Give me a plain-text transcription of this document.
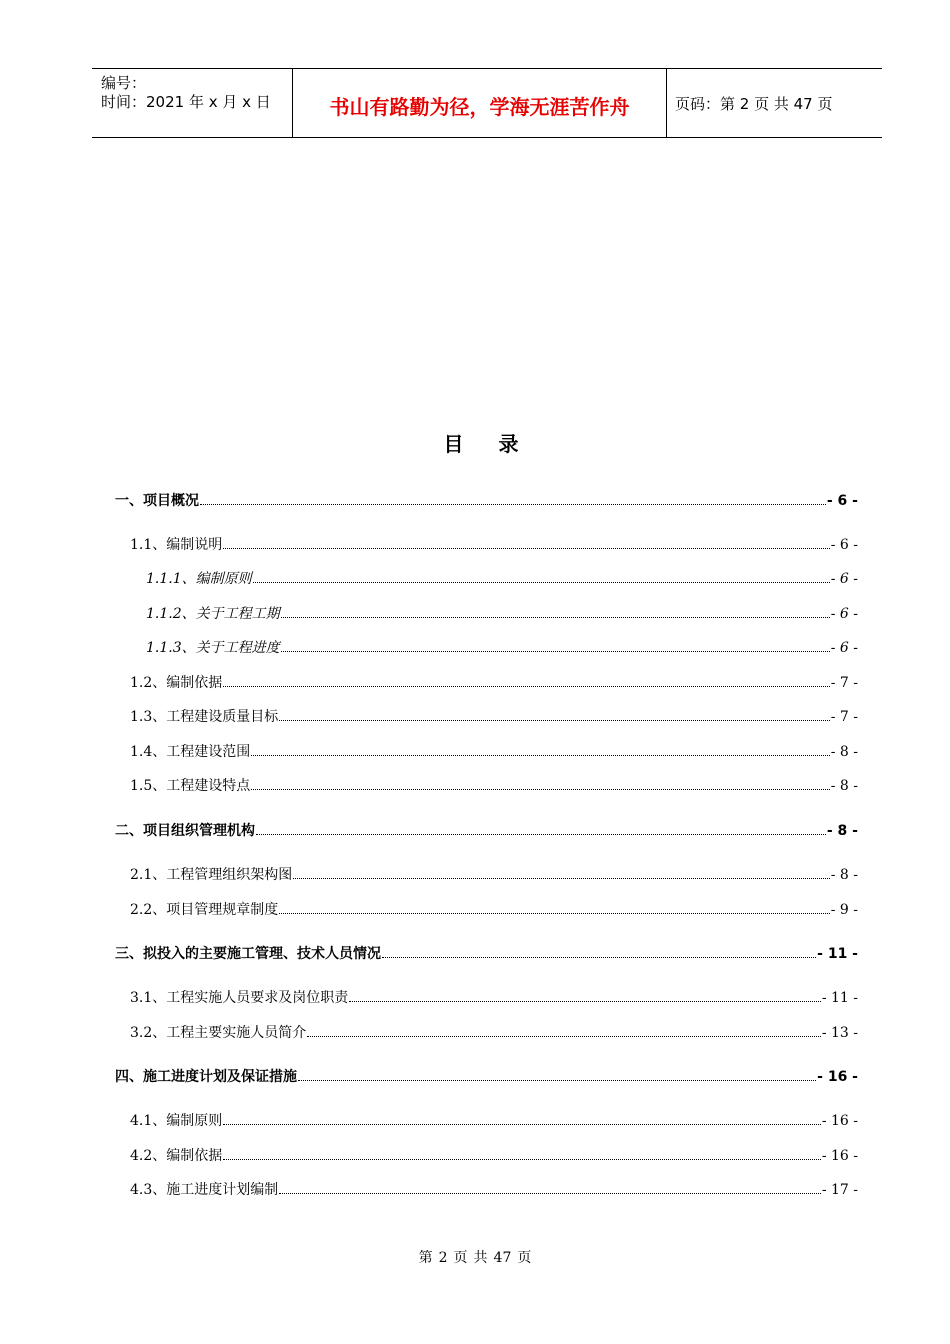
编号：
时间：2021 年 x 月 x 日	书山有路勤为径，学海无涯苦作舟	页码：第 2 页 共 47 页
目 录
一、项目概况	- 6 -
1.1、编制说明	- 6 -
1.1.1、编制原则	- 6 -
1.1.2、关于工程工期	- 6 -
1.1.3、关于工程进度	- 6 -
1.2、编制依据	- 7 -
1.3、工程建设质量目标	- 7 -
1.4、工程建设范围	- 8 -
1.5、工程建设特点	- 8 -
二、项目组织管理机构	- 8 -
2.1、工程管理组织架构图	- 8 -
2.2、项目管理规章制度	- 9 -
三、拟投入的主要施工管理、技术人员情况	- 11 -
3.1、工程实施人员要求及岗位职责	- 11 -
3.2、工程主要实施人员简介	- 13 -
四、施工进度计划及保证措施	- 16 -
4.1、编制原则	- 16 -
4.2、编制依据	- 16 -
4.3、施工进度计划编制	- 17 -
第 2 页 共 47 页
